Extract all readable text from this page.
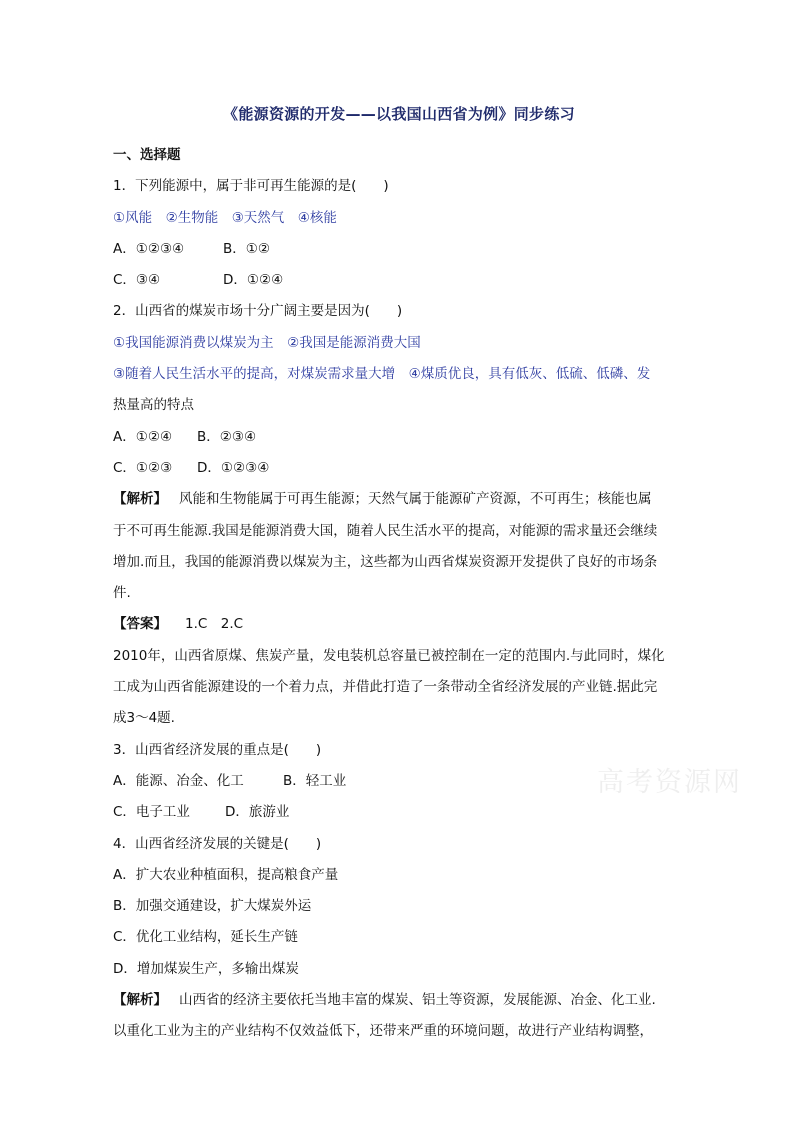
《能源资源的开发——以我国山西省为例》同步练习
一、选择题
1．下列能源中，属于非可再生能源的是(　　)
①风能　②生物能　③天然气　④核能
A．①②③④	B．①②
C．③④	D．①②④
2．山西省的煤炭市场十分广阔主要是因为(　　)
①我国能源消费以煤炭为主　②我国是能源消费大国
③随着人民生活水平的提高，对煤炭需求量大增　④煤质优良，具有低灰、低硫、低磷、发
热量高的特点
A．①②④ B．②③④
C．①②③ D．①②③④
【解析】 风能和生物能属于可再生能源；天然气属于能源矿产资源，不可再生；核能也属
于不可再生能源.我国是能源消费大国，随着人民生活水平的提高，对能源的需求量还会继续
增加.而且，我国的能源消费以煤炭为主，这些都为山西省煤炭资源开发提供了良好的市场条
件.
【答案】 1.C　2.C
2010年，山西省原煤、焦炭产量，发电装机总容量已被控制在一定的范围内.与此同时，煤化
工成为山西省能源建设的一个着力点，并借此打造了一条带动全省经济发展的产业链.据此完
成3～4题.
3．山西省经济发展的重点是(　　)
A．能源、冶金、化工	B．轻工业
C．电子工业	D．旅游业
4．山西省经济发展的关键是(　　)
A．扩大农业种植面积，提高粮食产量
B．加强交通建设，扩大煤炭外运
C．优化工业结构，延长生产链
D．增加煤炭生产，多输出煤炭
【解析】 山西省的经济主要依托当地丰富的煤炭、铝土等资源，发展能源、冶金、化工业.
以重化工业为主的产业结构不仅效益低下，还带来严重的环境问题，故进行产业结构调整，
高考资源网
